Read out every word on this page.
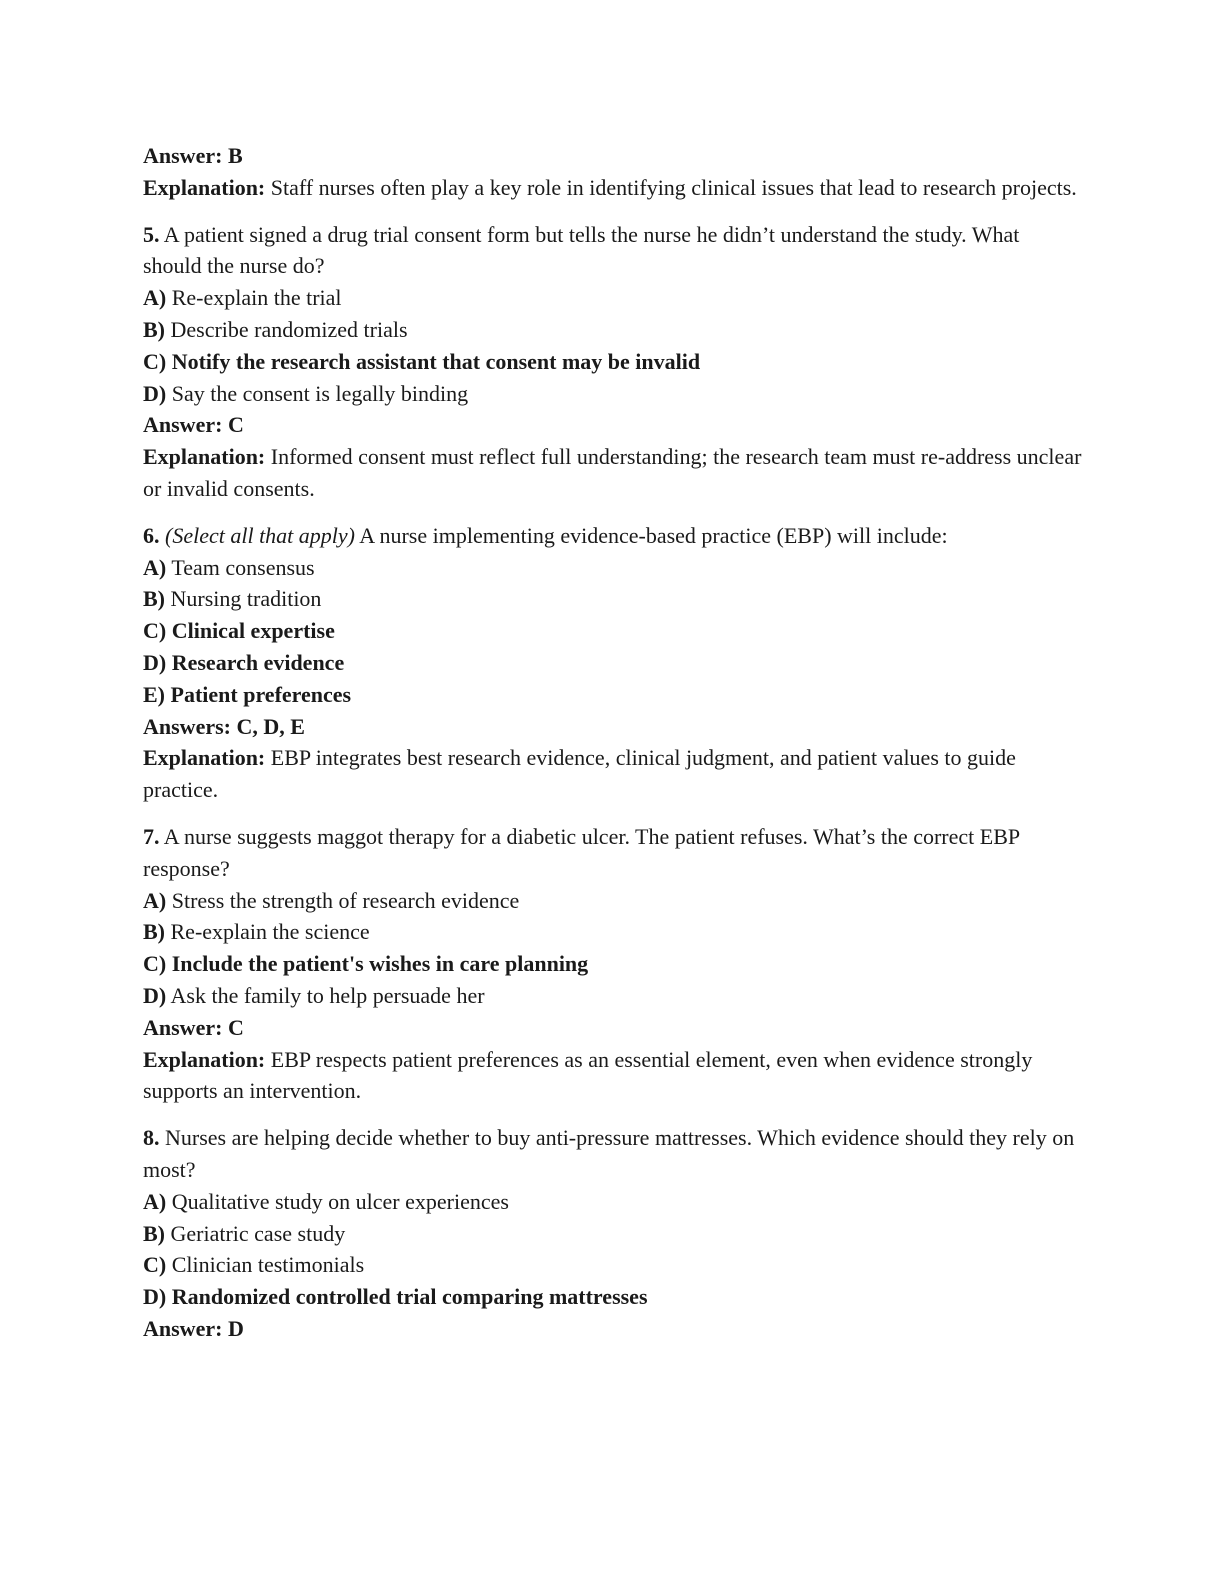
Answer: B

Explanation: Staff nurses often play a key role in identifying clinical issues that lead to research projects.

5. A patient signed a drug trial consent form but tells the nurse he didn’t understand the study. What should the nurse do?

A) Re-explain the trial

B) Describe randomized trials

C) Notify the research assistant that consent may be invalid

D) Say the consent is legally binding

Answer: C

Explanation: Informed consent must reflect full understanding; the research team must re-address unclear or invalid consents.

6. (Select all that apply) A nurse implementing evidence-based practice (EBP) will include:

A) Team consensus

B) Nursing tradition

C) Clinical expertise

D) Research evidence

E) Patient preferences

Answers: C, D, E

Explanation: EBP integrates best research evidence, clinical judgment, and patient values to guide practice.

7. A nurse suggests maggot therapy for a diabetic ulcer. The patient refuses. What’s the correct EBP response?

A) Stress the strength of research evidence

B) Re-explain the science

C) Include the patient's wishes in care planning

D) Ask the family to help persuade her

Answer: C

Explanation: EBP respects patient preferences as an essential element, even when evidence strongly supports an intervention.

8. Nurses are helping decide whether to buy anti-pressure mattresses. Which evidence should they rely on most?

A) Qualitative study on ulcer experiences

B) Geriatric case study

C) Clinician testimonials

D) Randomized controlled trial comparing mattresses

Answer: D
